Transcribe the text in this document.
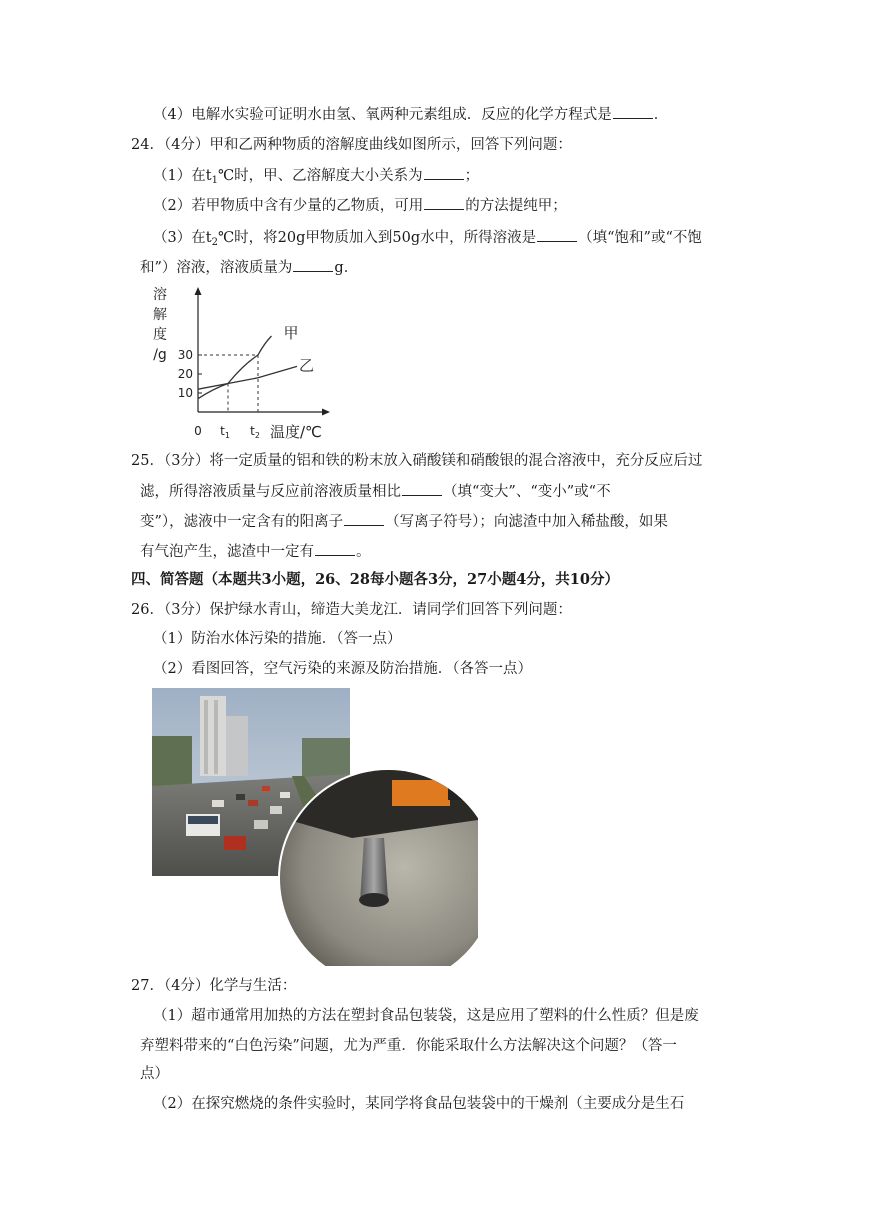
（4）电解水实验可证明水由氢、氧两种元素组成．反应的化学方程式是	．
24．（4分）甲和乙两种物质的溶解度曲线如图所示，回答下列问题：
（1）在$t_1℃$时，甲、乙溶解度大小关系为	；
（2）若甲物质中含有少量的乙物质，可用	的方法提纯甲；
（3）在$t_2℃$时，将20g甲物质加入到50g水中，所得溶液是	（填“饱和”或“不饱
和”）溶液，溶液质量为	g．
10
20
30
0 $t_1$ $t_2$ 温度/℃
溶
解
度
/g
甲
乙
25．（3分）将一定质量的铝和铁的粉末放入硝酸镁和硝酸银的混合溶液中，充分反应后过
滤，所得溶液质量与反应前溶液质量相比	（填“变大”、“变小”或“不
变”），滤液中一定含有的阳离子	（写离子符号）；向滤渣中加入稀盐酸，如果
有气泡产生，滤渣中一定有	。
四、简答题（本题共3小题，26、28每小题各3分，27小题4分，共10分）
26．（3分）保护绿水青山，缔造大美龙江．请同学们回答下列问题：
（1）防治水体污染的措施．（答一点）
（2）看图回答，空气污染的来源及防治措施．（各答一点）
27．（4分）化学与生活：
（1）超市通常用加热的方法在塑封食品包装袋，这是应用了塑料的什么性质？但是废
弃塑料带来的“白色污染”问题，尤为严重．你能采取什么方法解决这个问题？（答一
点）
（2）在探究燃烧的条件实验时，某同学将食品包装袋中的干燥剂（主要成分是生石
